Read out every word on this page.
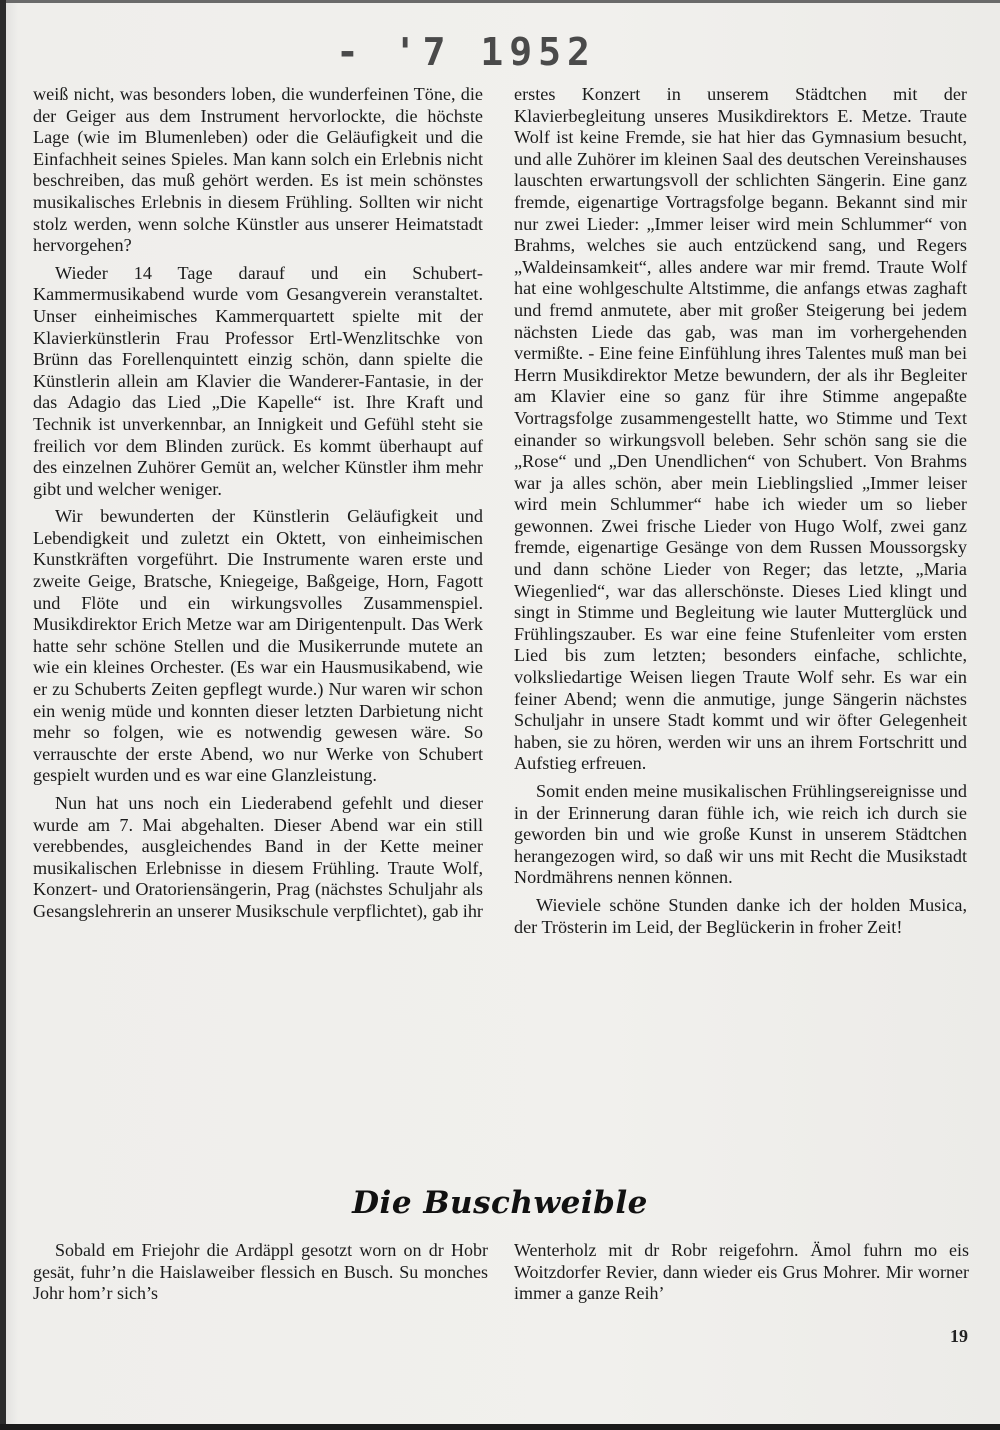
- '7 1952

weiß nicht, was besonders loben, die wunderfeinen Töne, die der Geiger aus dem Instrument hervorlockte, die höchste Lage (wie im Blumenleben) oder die Geläufigkeit und die Einfachheit seines Spieles. Man kann solch ein Erlebnis nicht beschreiben, das muß gehört werden. Es ist mein schönstes musikalisches Erlebnis in diesem Frühling. Sollten wir nicht stolz werden, wenn solche Künstler aus unserer Heimatstadt hervorgehen?

Wieder 14 Tage darauf und ein Schubert-Kammermusikabend wurde vom Gesangverein veranstaltet. Unser einheimisches Kammerquartett spielte mit der Klavierkünstlerin Frau Professor Ertl-Wenzlitschke von Brünn das Forellenquintett einzig schön, dann spielte die Künstlerin allein am Klavier die Wanderer-Fantasie, in der das Adagio das Lied „Die Kapelle“ ist. Ihre Kraft und Technik ist unverkennbar, an Innigkeit und Gefühl steht sie freilich vor dem Blinden zurück. Es kommt überhaupt auf des einzelnen Zuhörer Gemüt an, welcher Künstler ihm mehr gibt und welcher weniger.

Wir bewunderten der Künstlerin Geläufigkeit und Lebendigkeit und zuletzt ein Oktett, von einheimischen Kunstkräften vorgeführt. Die Instrumente waren erste und zweite Geige, Bratsche, Kniegeige, Baßgeige, Horn, Fagott und Flöte und ein wirkungsvolles Zusammenspiel. Musikdirektor Erich Metze war am Dirigentenpult. Das Werk hatte sehr schöne Stellen und die Musikerrunde mutete an wie ein kleines Orchester. (Es war ein Hausmusikabend, wie er zu Schuberts Zeiten gepflegt wurde.) Nur waren wir schon ein wenig müde und konnten dieser letzten Darbietung nicht mehr so folgen, wie es notwendig gewesen wäre. So verrauschte der erste Abend, wo nur Werke von Schubert gespielt wurden und es war eine Glanzleistung.

Nun hat uns noch ein Liederabend gefehlt und dieser wurde am 7. Mai abgehalten. Dieser Abend war ein still verebbendes, ausgleichendes Band in der Kette meiner musikalischen Erlebnisse in diesem Frühling. Traute Wolf, Konzert- und Oratoriensängerin, Prag (nächstes Schuljahr als Gesangslehrerin an unserer Musikschule verpflichtet), gab ihr

erstes Konzert in unserem Städtchen mit der Klavierbegleitung unseres Musikdirektors E. Metze. Traute Wolf ist keine Fremde, sie hat hier das Gymnasium besucht, und alle Zuhörer im kleinen Saal des deutschen Vereinshauses lauschten erwartungsvoll der schlichten Sängerin. Eine ganz fremde, eigenartige Vortragsfolge begann. Bekannt sind mir nur zwei Lieder: „Immer leiser wird mein Schlummer“ von Brahms, welches sie auch entzückend sang, und Regers „Waldeinsamkeit“, alles andere war mir fremd. Traute Wolf hat eine wohlgeschulte Altstimme, die anfangs etwas zaghaft und fremd anmutete, aber mit großer Steigerung bei jedem nächsten Liede das gab, was man im vorhergehenden vermißte. - Eine feine Einfühlung ihres Talentes muß man bei Herrn Musikdirektor Metze bewundern, der als ihr Begleiter am Klavier eine so ganz für ihre Stimme angepaßte Vortragsfolge zusammengestellt hatte, wo Stimme und Text einander so wirkungsvoll beleben. Sehr schön sang sie die „Rose“ und „Den Unendlichen“ von Schubert. Von Brahms war ja alles schön, aber mein Lieblingslied „Immer leiser wird mein Schlummer“ habe ich wieder um so lieber gewonnen. Zwei frische Lieder von Hugo Wolf, zwei ganz fremde, eigenartige Gesänge von dem Russen Moussorgsky und dann schöne Lieder von Reger; das letzte, „Maria Wiegenlied“, war das allerschönste. Dieses Lied klingt und singt in Stimme und Begleitung wie lauter Mutterglück und Frühlingszauber. Es war eine feine Stufenleiter vom ersten Lied bis zum letzten; besonders einfache, schlichte, volksliedartige Weisen liegen Traute Wolf sehr. Es war ein feiner Abend; wenn die anmutige, junge Sängerin nächstes Schuljahr in unsere Stadt kommt und wir öfter Gelegenheit haben, sie zu hören, werden wir uns an ihrem Fortschritt und Aufstieg erfreuen.

Somit enden meine musikalischen Frühlingsereignisse und in der Erinnerung daran fühle ich, wie reich ich durch sie geworden bin und wie große Kunst in unserem Städtchen herangezogen wird, so daß wir uns mit Recht die Musikstadt Nordmährens nennen können.

Wieviele schöne Stunden danke ich der holden Musica, der Trösterin im Leid, der Beglückerin in froher Zeit!

Die Buschweible

Sobald em Friejohr die Ardäppl gesotzt worn on dr Hobr gesät, fuhr’n die Haislaweiber flessich en Busch. Su monches Johr hom’r sich’s

Wenterholz mit dr Robr reigefohrn. Ämol fuhrn mo eis Woitzdorfer Revier, dann wieder eis Grus Mohrer. Mir worner immer a ganze Reih’

19
